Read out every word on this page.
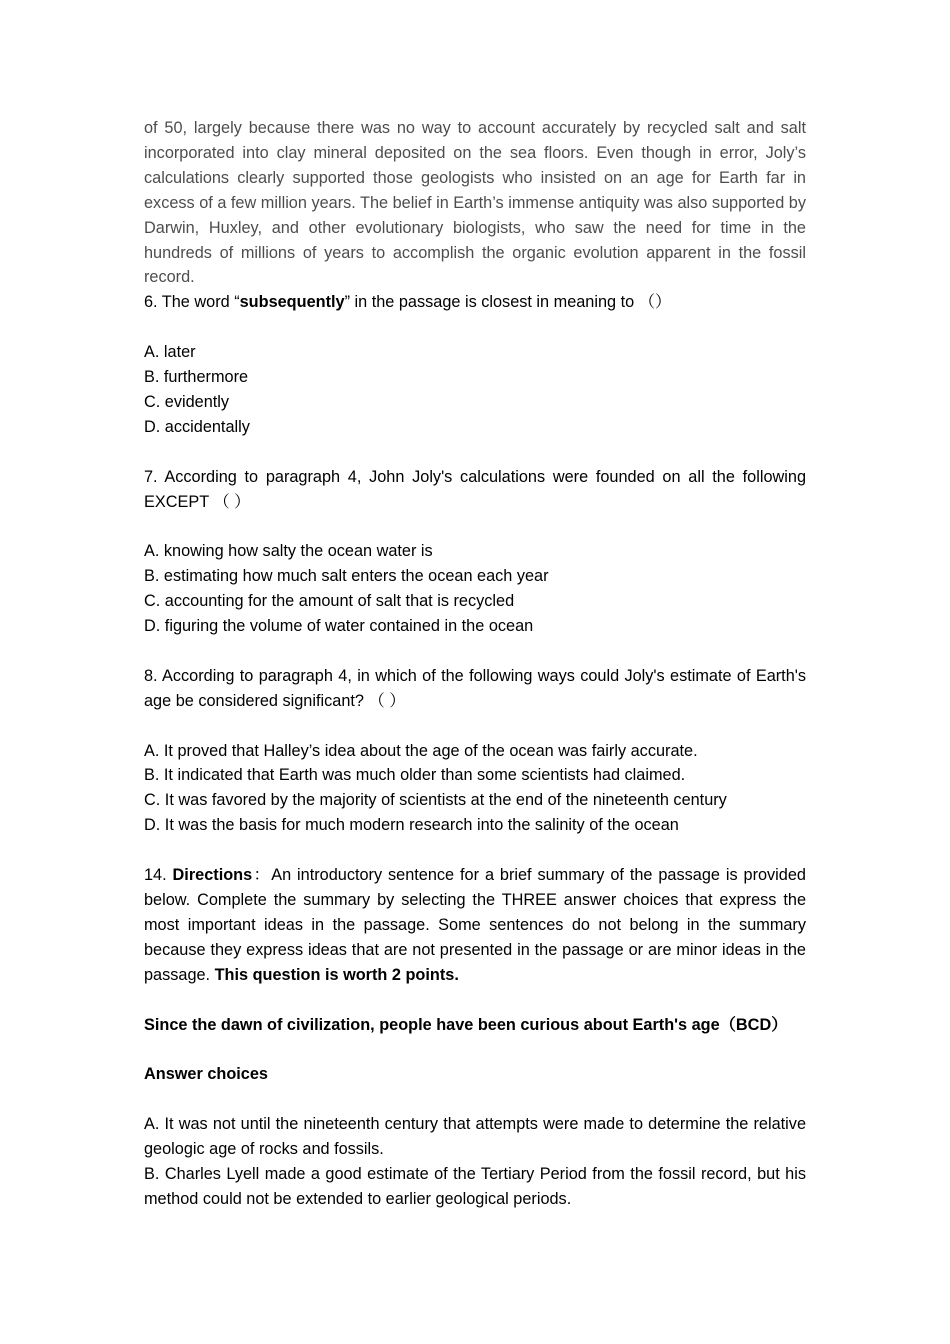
of 50, largely because there was no way to account accurately by recycled salt and salt incorporated into clay mineral deposited on the sea floors. Even though in error, Joly’s calculations clearly supported those geologists who insisted on an age for Earth far in excess of a few million years. The belief in Earth’s immense antiquity was also supported by Darwin, Huxley, and other evolutionary biologists, who saw the need for time in the hundreds of millions of years to accomplish the organic evolution apparent in the fossil record.

6. The word “subsequently” in the passage is closest in meaning to （）

A. later

B. furthermore

C. evidently

D. accidentally

7. According to paragraph 4, John Joly's calculations were founded on all the following EXCEPT （ ）

A. knowing how salty the ocean water is

B. estimating how much salt enters the ocean each year

C. accounting for the amount of salt that is recycled

D. figuring the volume of water contained in the ocean

8. According to paragraph 4, in which of the following ways could Joly's estimate of Earth's age be considered significant? （ ）

A. It proved that Halley’s idea about the age of the ocean was fairly accurate.

B. It indicated that Earth was much older than some scientists had claimed.

C. It was favored by the majority of scientists at the end of the nineteenth century

D. It was the basis for much modern research into the salinity of the ocean

14. Directions：An introductory sentence for a brief summary of the passage is provided below. Complete the summary by selecting the THREE answer choices that express the most important ideas in the passage. Some sentences do not belong in the summary because they express ideas that are not presented in the passage or are minor ideas in the passage. This question is worth 2 points.

Since the dawn of civilization, people have been curious about Earth's age（BCD）

Answer choices

A. It was not until the nineteenth century that attempts were made to determine the relative geologic age of rocks and fossils.

B. Charles Lyell made a good estimate of the Tertiary Period from the fossil record, but his method could not be extended to earlier geological periods.
